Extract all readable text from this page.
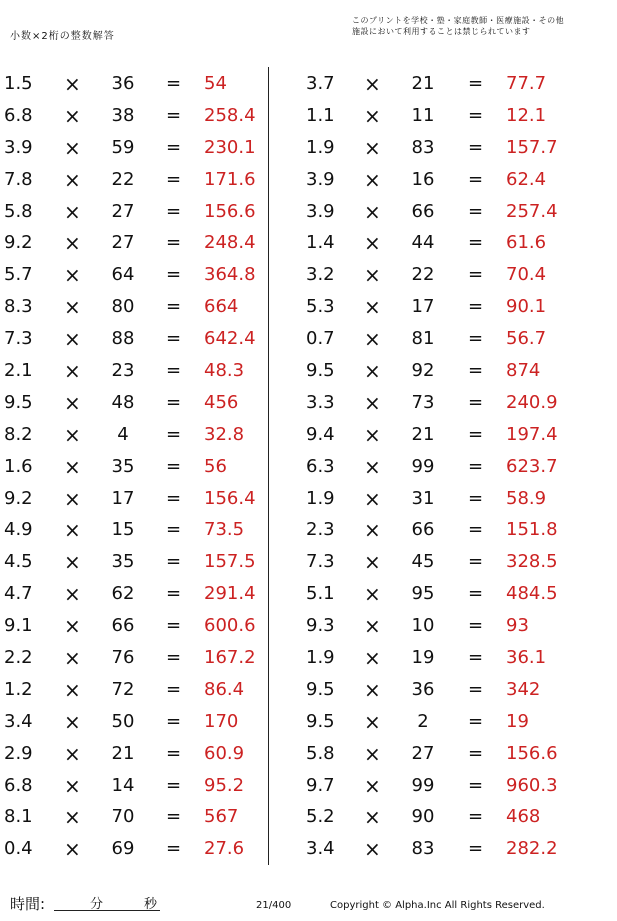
小数×2桁の整数解答
このプリントを学校・塾・家庭教師・医療施設・その他
施設において利用することは禁じられています
1.5 × 36 = 54
6.8 × 38 = 258.4
3.9 × 59 = 230.1
7.8 × 22 = 171.6
5.8 × 27 = 156.6
9.2 × 27 = 248.4
5.7 × 64 = 364.8
8.3 × 80 = 664
7.3 × 88 = 642.4
2.1 × 23 = 48.3
9.5 × 48 = 456
8.2 ×	4	= 32.8
1.6 × 35 = 56
9.2 × 17 = 156.4
4.9 × 15 = 73.5
4.5 × 35 = 157.5
4.7 × 62 = 291.4
9.1 × 66 = 600.6
2.2 × 76 = 167.2
1.2 × 72 = 86.4
3.4 × 50 = 170
2.9 × 21 = 60.9
6.8 × 14 = 95.2
8.1 × 70 = 567
0.4 × 69 = 27.6
3.7 × 21 = 77.7
1.1 × 11 = 12.1
1.9 × 83 = 157.7
3.9 × 16 = 62.4
3.9 × 66 = 257.4
1.4 × 44 = 61.6
3.2 × 22 = 70.4
5.3 × 17 = 90.1
0.7 × 81 = 56.7
9.5 × 92 = 874
3.3 × 73 = 240.9
9.4 × 21 = 197.4
6.3 × 99 = 623.7
1.9 × 31 = 58.9
2.3 × 66 = 151.8
7.3 × 45 = 328.5
5.1 × 95 = 484.5
9.3 × 10 = 93
1.9 × 19 = 36.1
9.5 × 36 = 342
9.5 ×	2	= 19
5.8 × 27 = 156.6
9.7 × 99 = 960.3
5.2 × 90 = 468
3.4 × 83 = 282.2
時間:	分	秒	21/400	Copyright © Alpha.Inc All Rights Reserved.
